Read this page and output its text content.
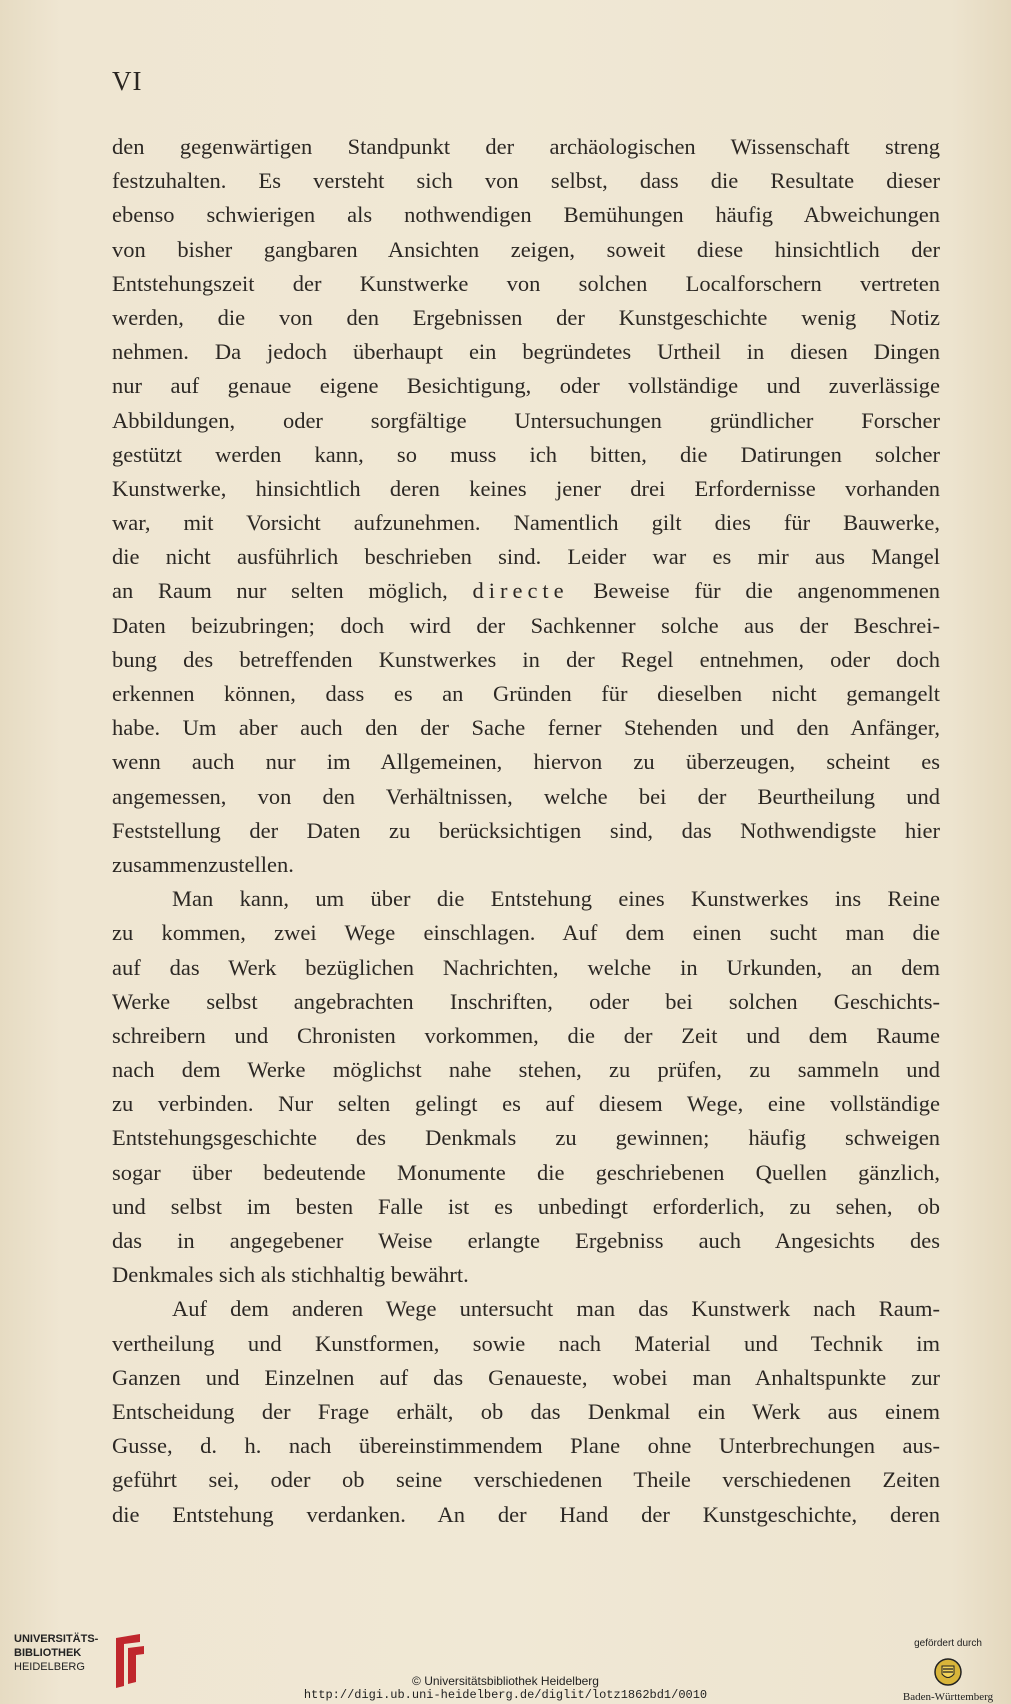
VI
den gegenwärtigen Standpunkt der archäologischen Wissenschaft streng
festzuhalten. Es versteht sich von selbst, dass die Resultate dieser
ebenso schwierigen als nothwendigen Bemühungen häufig Abweichungen
von bisher gangbaren Ansichten zeigen, soweit diese hinsichtlich der
Entstehungszeit der Kunstwerke von solchen Localforschern vertreten
werden, die von den Ergebnissen der Kunstgeschichte wenig Notiz
nehmen. Da jedoch überhaupt ein begründetes Urtheil in diesen Dingen
nur auf genaue eigene Besichtigung, oder vollständige und zuverlässige
Abbildungen, oder sorgfältige Untersuchungen gründlicher Forscher
gestützt werden kann, so muss ich bitten, die Datirungen solcher
Kunstwerke, hinsichtlich deren keines jener drei Erfordernisse vorhanden
war, mit Vorsicht aufzunehmen. Namentlich gilt dies für Bauwerke,
die nicht ausführlich beschrieben sind. Leider war es mir aus Mangel
an Raum nur selten möglich, directe Beweise für die angenommenen
Daten beizubringen; doch wird der Sachkenner solche aus der Beschrei-
bung des betreffenden Kunstwerkes in der Regel entnehmen, oder doch
erkennen können, dass es an Gründen für dieselben nicht gemangelt
habe. Um aber auch den der Sache ferner Stehenden und den Anfänger,
wenn auch nur im Allgemeinen, hiervon zu überzeugen, scheint es
angemessen, von den Verhältnissen, welche bei der Beurtheilung und
Feststellung der Daten zu berücksichtigen sind, das Nothwendigste hier
zusammenzustellen.
Man kann, um über die Entstehung eines Kunstwerkes ins Reine
zu kommen, zwei Wege einschlagen. Auf dem einen sucht man die
auf das Werk bezüglichen Nachrichten, welche in Urkunden, an dem
Werke selbst angebrachten Inschriften, oder bei solchen Geschichts-
schreibern und Chronisten vorkommen, die der Zeit und dem Raume
nach dem Werke möglichst nahe stehen, zu prüfen, zu sammeln und
zu verbinden. Nur selten gelingt es auf diesem Wege, eine vollständige
Entstehungsgeschichte des Denkmals zu gewinnen; häufig schweigen
sogar über bedeutende Monumente die geschriebenen Quellen gänzlich,
und selbst im besten Falle ist es unbedingt erforderlich, zu sehen, ob
das in angegebener Weise erlangte Ergebniss auch Angesichts des
Denkmales sich als stichhaltig bewährt.
Auf dem anderen Wege untersucht man das Kunstwerk nach Raum-
vertheilung und Kunstformen, sowie nach Material und Technik im
Ganzen und Einzelnen auf das Genaueste, wobei man Anhaltspunkte zur
Entscheidung der Frage erhält, ob das Denkmal ein Werk aus einem
Gusse, d. h. nach übereinstimmendem Plane ohne Unterbrechungen aus-
geführt sei, oder ob seine verschiedenen Theile verschiedenen Zeiten
die Entstehung verdanken. An der Hand der Kunstgeschichte, deren
UNIVERSITÄTS-
BIBLIOTHEK
HEIDELBERG
© Universitätsbibliothek Heidelberg
http://digi.ub.uni-heidelberg.de/diglit/lotz1862bd1/0010
gefördert durch
Baden-Württemberg
